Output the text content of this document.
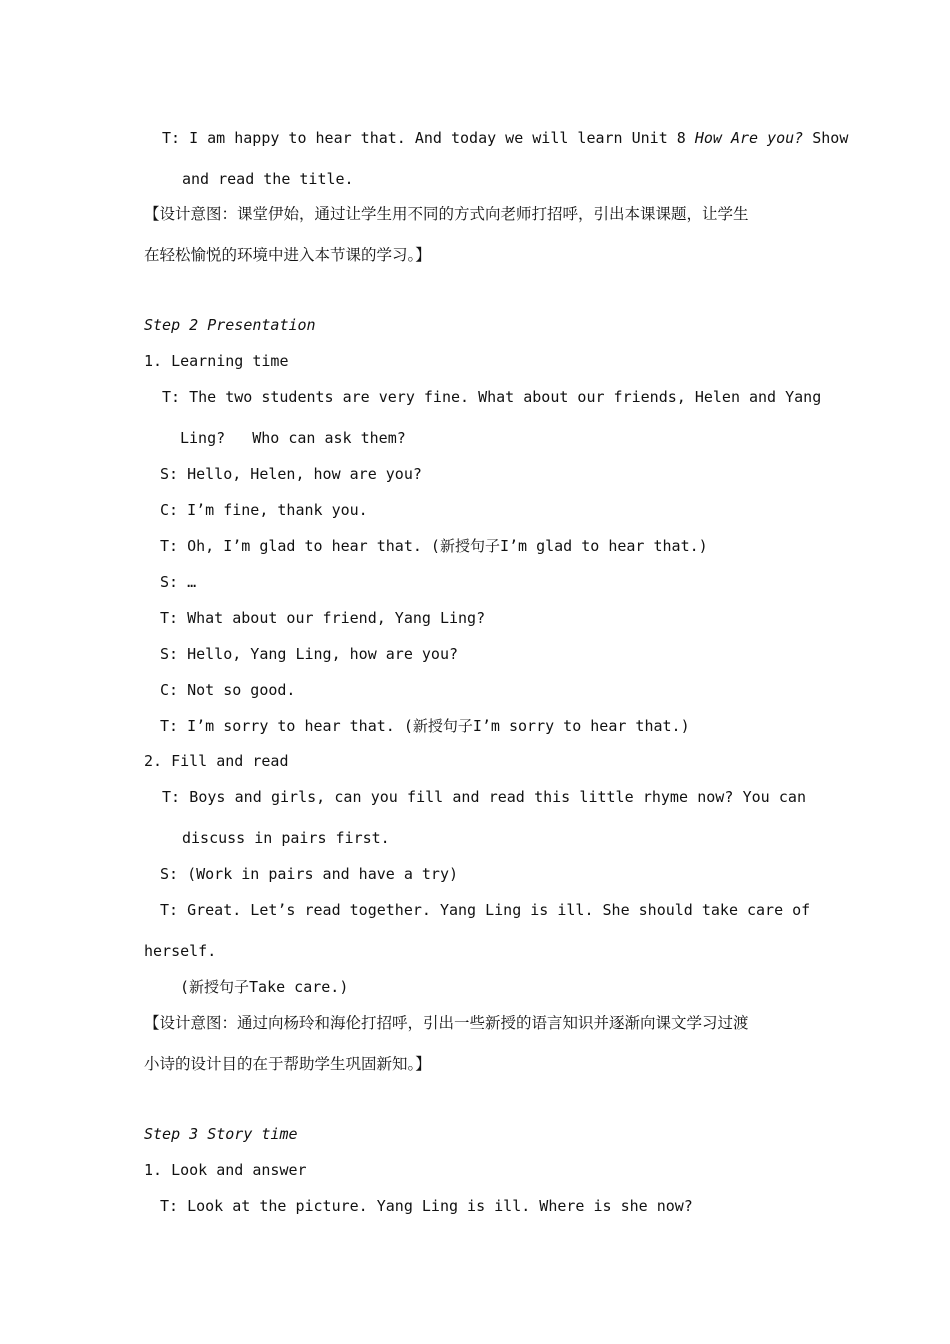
T: I am happy to hear that. And today we will learn Unit 8 How Are you? Show
and read the title.
【设计意图：课堂伊始，通过让学生用不同的方式向老师打招呼，引出本课课题，让学生
在轻松愉悦的环境中进入本节课的学习。】
Step 2 Presentation
1. Learning time
T: The two students are very fine. What about our friends, Helen and Yang
Ling?   Who can ask them?
S: Hello, Helen, how are you?
C: I’m fine, thank you.
T: Oh, I’m glad to hear that. (新授句子I’m glad to hear that.)
S: …
T: What about our friend, Yang Ling?
S: Hello, Yang Ling, how are you?
C: Not so good.
T: I’m sorry to hear that. (新授句子I’m sorry to hear that.)
2. Fill and read
T: Boys and girls, can you fill and read this little rhyme now? You can
discuss in pairs first.
S: (Work in pairs and have a try)
T: Great. Let’s read together. Yang Ling is ill. She should take care of
herself.
(新授句子Take care.)
【设计意图：通过向杨玲和海伦打招呼，引出一些新授的语言知识并逐渐向课文学习过渡
小诗的设计目的在于帮助学生巩固新知。】
Step 3 Story time
1. Look and answer
T: Look at the picture. Yang Ling is ill. Where is she now?
